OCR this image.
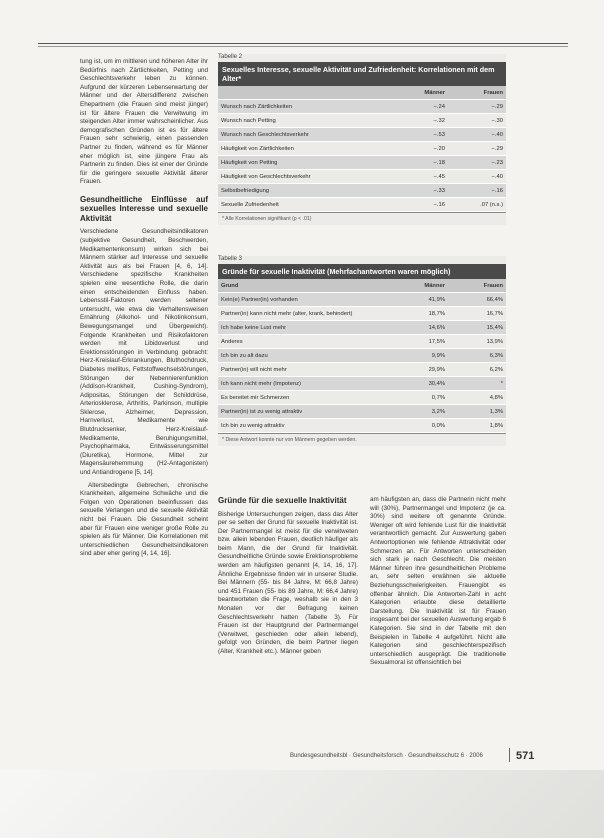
tung ist, um im mittleren und höheren Alter ihr Bedürfnis nach Zärtlichkeiten, Petting und Geschlechtsverkehr leben zu können. Aufgrund der kürzeren Lebenserwartung der Männer und der Altersdifferenz zwischen Ehepartnern (die Frauen sind meist jünger) ist für ältere Frauen die Verwitwung im steigenden Alter immer wahrscheinlicher. Aus demografischen Gründen ist es für ältere Frauen sehr schwierig, einen passenden Partner zu finden, während es für Männer eher möglich ist, eine jüngere Frau als Partnerin zu finden. Dies ist einer der Gründe für die geringere sexuelle Aktivität älterer Frauen.

Gesundheitliche Einflüsse auf sexuelles Interesse und sexuelle Aktivität

Verschiedene Gesundheitsindikatoren (subjektive Gesundheit, Beschwerden, Medikamentenkonsum) wirken sich bei Männern stärker auf Interesse und sexuelle Aktivität aus als bei Frauen [4, 6, 14]. Verschiedene spezifische Krankheiten spielen eine wesentliche Rolle, die darin einen entscheidenden Einfluss haben. Lebensstil-Faktoren werden seltener untersucht, wie etwa die Verhaltensweisen Ernährung (Alkohol- und Nikotinkonsum, Bewegungsmangel und Übergewicht). Folgende Krankheiten und Risikofaktoren werden mit Libidoverlust und Erektionsstörungen in Verbindung gebracht: Herz-Kreislauf-Erkrankungen, Bluthochdruck, Diabetes mellitus, Fettstoffwechselstörungen, Störungen der Nebennierenfunktion (Addison-Krankheit, Cushing-Syndrom), Adipositas, Störungen der Schilddrüse, Arteriosklerose, Arthritis, Parkinson, multiple Sklerose, Alzheimer, Depression, Harnverlust, Medikamente wie Blutdrucksenker, Herz-Kreislauf-Medikamente, Beruhigungsmittel, Psychopharmaka, Entwässerungsmittel (Diuretika), Hormone, Mittel zur Magensäurehemmung (H2-Antagonisten) und Antiandrogene [5, 14].

Altersbedingte Gebrechen, chronische Krankheiten, allgemeine Schwäche und die Folgen von Operationen beeinflussen das sexuelle Verlangen und die sexuelle Aktivität nicht bei Frauen. Die Gesundheit scheint aber für Frauen eine weniger große Rolle zu spielen als für Männer. Die Korrelationen mit unterschiedlichen Gesundheitsindikatoren sind aber eher gering [4, 14, 16].

Tabelle 2
Sexuelles Interesse, sexuelle Aktivität und Zufriedenheit: Korrelationen mit dem Alter*
	Männer	Frauen
Wunsch nach Zärtlichkeiten	−.24	−.29
Wunsch nach Petting	−.32	−.30
Wunsch nach Geschlechtsverkehr	−.53	−.40
Häufigkeit von Zärtlichkeiten	−.20	−.29
Häufigkeit von Petting	−.18	−.23
Häufigkeit von Geschlechtsverkehr	−.45	−.40
Selbstbefriedigung	−.33	−.16
Sexuelle Zufriedenheit	−.16	.07 (n.s.)
* Alle Korrelationen signifikant (p < .01)
Tabelle 3
Gründe für sexuelle Inaktivität (Mehrfachantworten waren möglich)
Grund	Männer	Frauen
Kein(e) Partner(in) vorhanden	41,9%	66,4%
Partner(in) kann nicht mehr (alter, krank, behindert)	18,7%	16,7%
Ich habe keine Lust mehr	14,6%	15,4%
Anderes	17,5%	13,9%
Ich bin zu alt dazu	9,9%	6,3%
Partner(in) will nicht mehr	29,9%	6,2%
Ich kann nicht mehr (Impotenz)	30,4%	*
Es bereitet mir Schmerzen	0,7%	4,8%
Partner(in) ist zu wenig attraktiv	3,2%	1,3%
Ich bin zu wenig attraktiv	0,0%	1,8%
* Diese Antwort konnte nur von Männern gegeben werden.
Gründe für die sexuelle Inaktivität

Bisherige Untersuchungen zeigen, dass das Alter per se selten der Grund für sexuelle Inaktivität ist. Der Partnermangel ist meist für die verwitweten bzw. allein lebenden Frauen, deutlich häufiger als beim Mann, die der Grund für Inaktivität. Gesundheitliche Gründe sowie Erektionsprobleme werden am häufigsten genannt [4, 14, 16, 17]. Ähnliche Ergebnisse finden wir in unserer Studie. Bei Männern (55- bis 84 Jahre, M: 66,8 Jahre) und 451 Frauen (55- bis 89 Jahre, M: 66,4 Jahre) beantworteten die Frage, weshalb sie in den 3 Monaten vor der Befragung keinen Geschlechtsverkehr hatten (Tabelle 3). Für Frauen ist der Hauptgrund der Partnermangel (Verwitwet, geschieden oder allein lebend), gefolgt von Gründen, die beim Partner liegen (Alter, Krankheit etc.). Männer geben

am häufigsten an, dass die Partnerin nicht mehr will (30%), Partnermangel und Impotenz (je ca. 30%) sind weitere oft genannte Gründe. Weniger oft wird fehlende Lust für die Inaktivität verantwortlich gemacht. Zur Auswertung gaben Antwortoptionen wie fehlende Attraktivität oder Schmerzen an. Für Antworten unterscheiden sich stark je nach Geschlecht. Die meisten Männer führen ihre gesundheitlichen Probleme an, sehr selten erwähnen sie aktuelle Beziehungsschwierigkeiten. Frauengibt es offenbar ähnlich. Die Antworten-Zahl in acht Kategorien erlaubte diese detaillierte Darstellung. Die Inaktivität ist für Frauen insgesamt bei der sexuellen Auswertung ergab 6 Kategorien. Sie sind in der Tabelle mit den Beispielen in Tabelle 4 aufgeführt. Nicht alle Kategorien sind geschlechterspezifisch unterschiedlich ausgeprägt. Die traditionelle Sexualmoral ist offensichtlich bei

Bundesgesundheitsbl · Gesundheitsforsch · Gesundheitsschutz 6 · 2006	571
